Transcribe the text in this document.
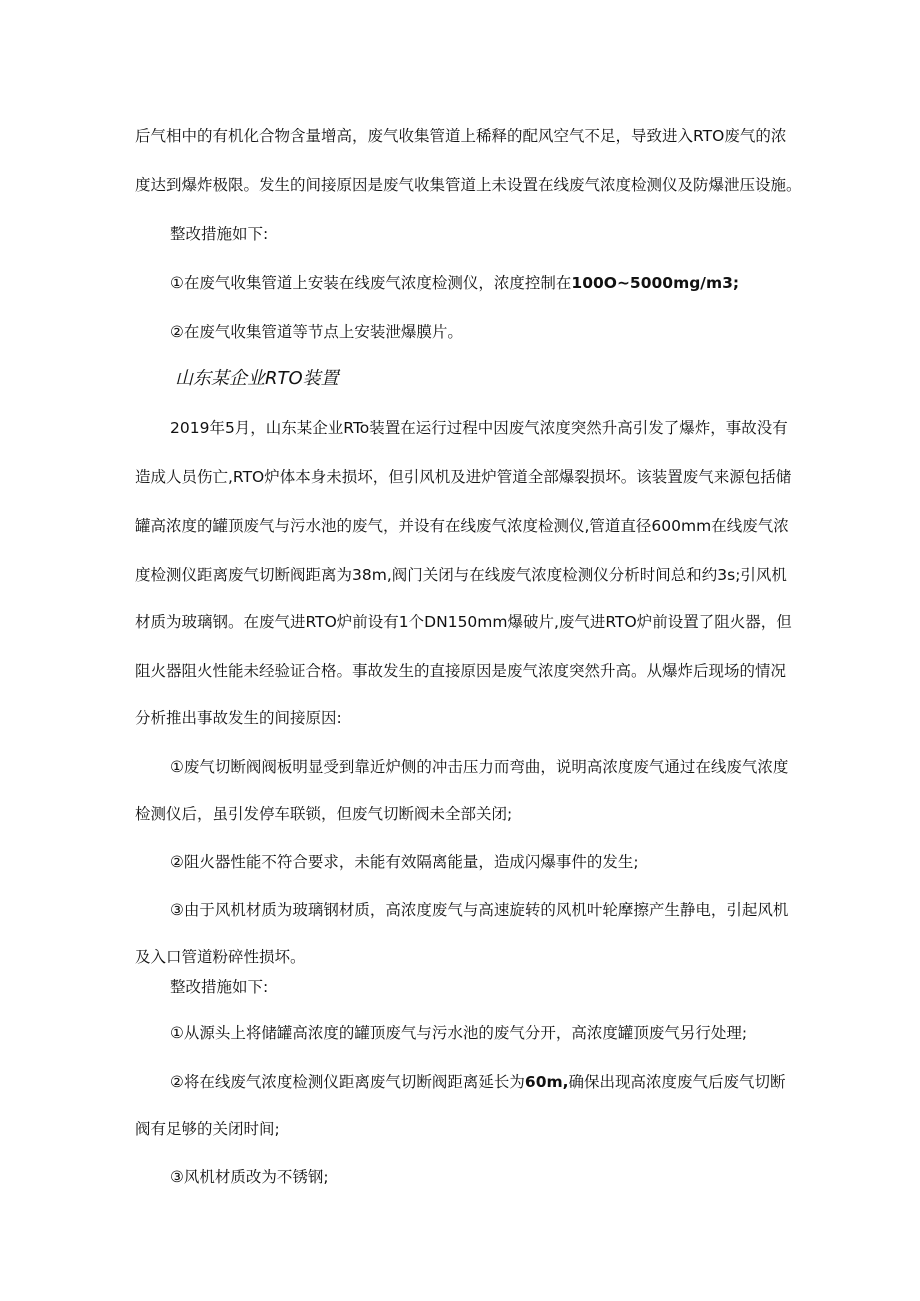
后气相中的有机化合物含量增高，废气收集管道上稀释的配风空气不足，导致进入RTO废气的浓
度达到爆炸极限。发生的间接原因是废气收集管道上未设置在线废气浓度检测仪及防爆泄压设施。
整改措施如下:
①在废气收集管道上安装在线废气浓度检测仪，浓度控制在100O~5000mg/m3;
②在废气收集管道等节点上安装泄爆膜片。
山东某企业RTO装置
2019年5月，山东某企业RTo装置在运行过程中因废气浓度突然升高引发了爆炸，事故没有
造成人员伤亡,RTO炉体本身未损坏，但引风机及进炉管道全部爆裂损坏。该装置废气来源包括储
罐高浓度的罐顶废气与污水池的废气，并设有在线废气浓度检测仪,管道直径600mm在线废气浓
度检测仪距离废气切断阀距离为38m,阀门关闭与在线废气浓度检测仪分析时间总和约3s;引风机
材质为玻璃钢。在废气进RTO炉前设有1个DN150mm爆破片,废气进RTO炉前设置了阻火器，但
阻火器阻火性能未经验证合格。事故发生的直接原因是废气浓度突然升高。从爆炸后现场的情况
分析推出事故发生的间接原因:
①废气切断阀阀板明显受到靠近炉侧的冲击压力而弯曲，说明高浓度废气通过在线废气浓度
检测仪后，虽引发停车联锁，但废气切断阀未全部关闭;
②阻火器性能不符合要求，未能有效隔离能量，造成闪爆事件的发生;
③由于风机材质为玻璃钢材质，高浓度废气与高速旋转的风机叶轮摩擦产生静电，引起风机
及入口管道粉碎性损坏。
整改措施如下:
①从源头上将储罐高浓度的罐顶废气与污水池的废气分开，高浓度罐顶废气另行处理;
②将在线废气浓度检测仪距离废气切断阀距离延长为60m,确保出现高浓度废气后废气切断
阀有足够的关闭时间;
③风机材质改为不锈钢;
